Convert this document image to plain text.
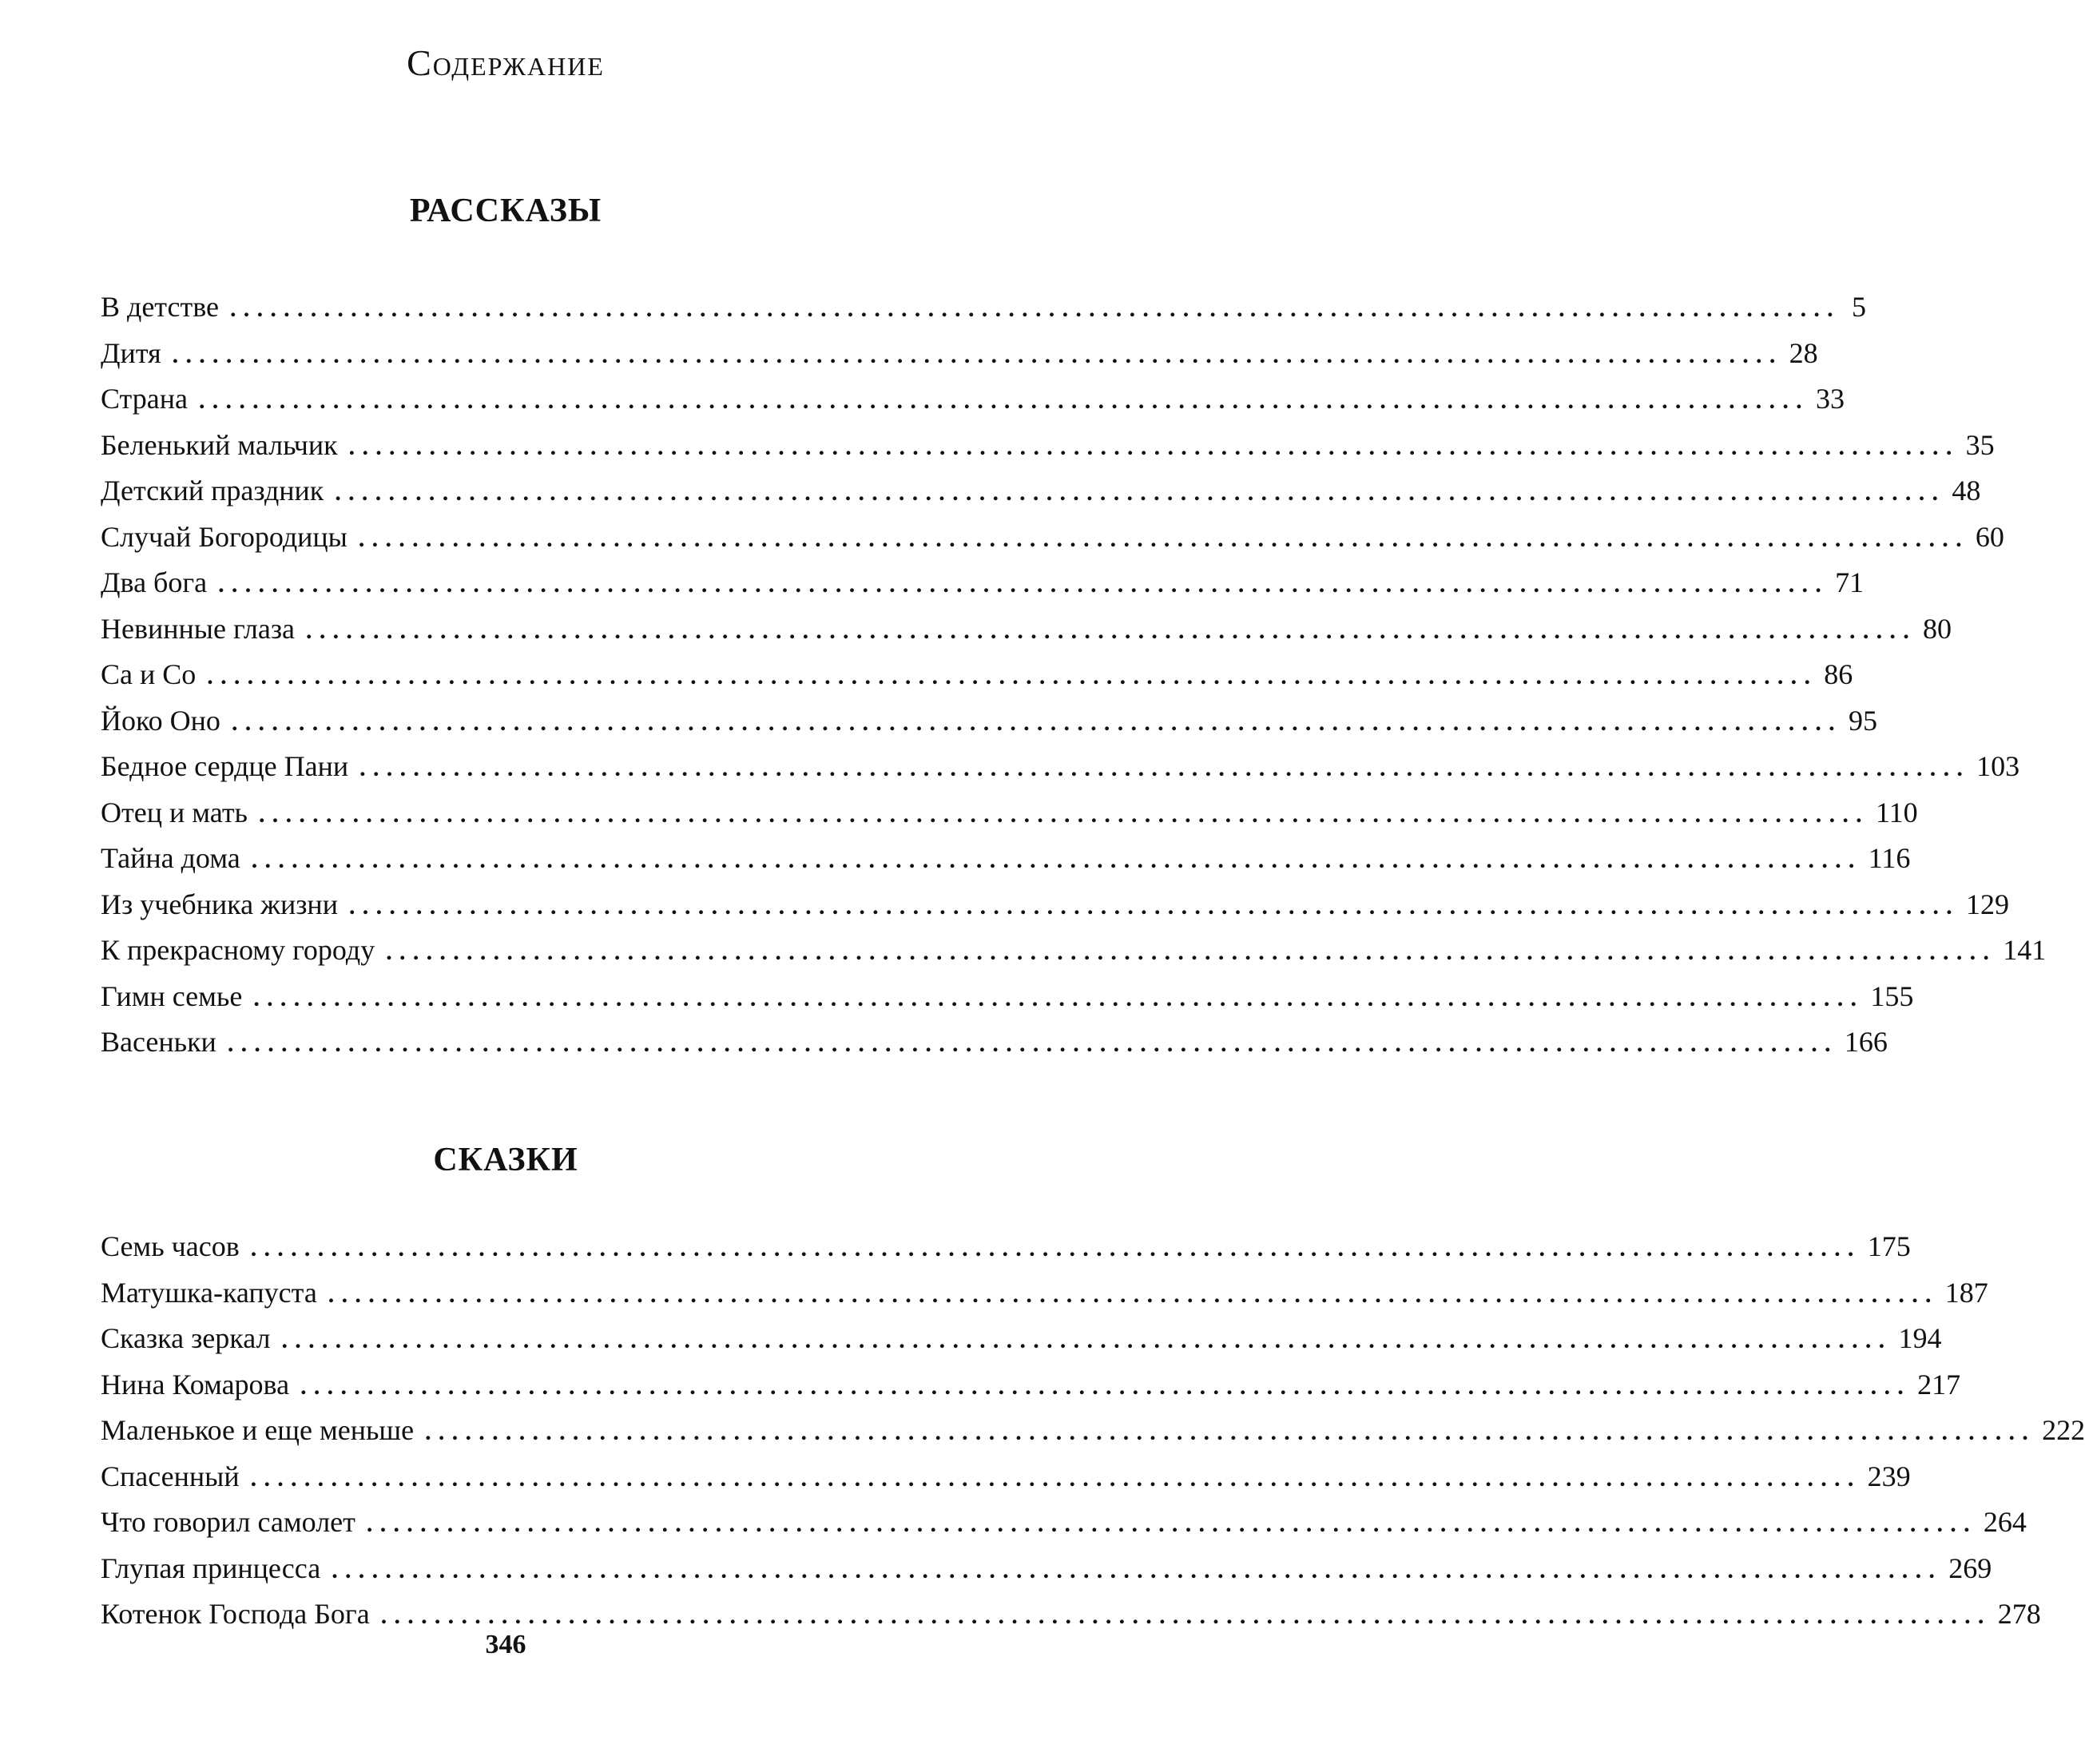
Содержание
РАССКАЗЫ
В детстве ........................................................................................................................ 5
Дитя ........................................................................................................................ 28
Страна ........................................................................................................................ 33
Беленький мальчик ........................................................................................................................ 35
Детский праздник ........................................................................................................................ 48
Случай Богородицы ........................................................................................................................ 60
Два бога ........................................................................................................................ 71
Невинные глаза ........................................................................................................................ 80
Са и Со ........................................................................................................................ 86
Йоко Оно ........................................................................................................................ 95
Бедное сердце Пани ........................................................................................................................ 103
Отец и мать ........................................................................................................................ 110
Тайна дома ........................................................................................................................ 116
Из учебника жизни ........................................................................................................................ 129
К прекрасному городу ........................................................................................................................ 141
Гимн семье ........................................................................................................................ 155
Васеньки ........................................................................................................................ 166
СКАЗКИ
Семь часов ........................................................................................................................ 175
Матушка-капуста ........................................................................................................................ 187
Сказка зеркал ........................................................................................................................ 194
Нина Комарова ........................................................................................................................ 217
Маленькое и еще меньше ........................................................................................................................ 222
Спасенный ........................................................................................................................ 239
Что говорил самолет ........................................................................................................................ 264
Глупая принцесса ........................................................................................................................ 269
Котенок Господа Бога ........................................................................................................................ 278
346
